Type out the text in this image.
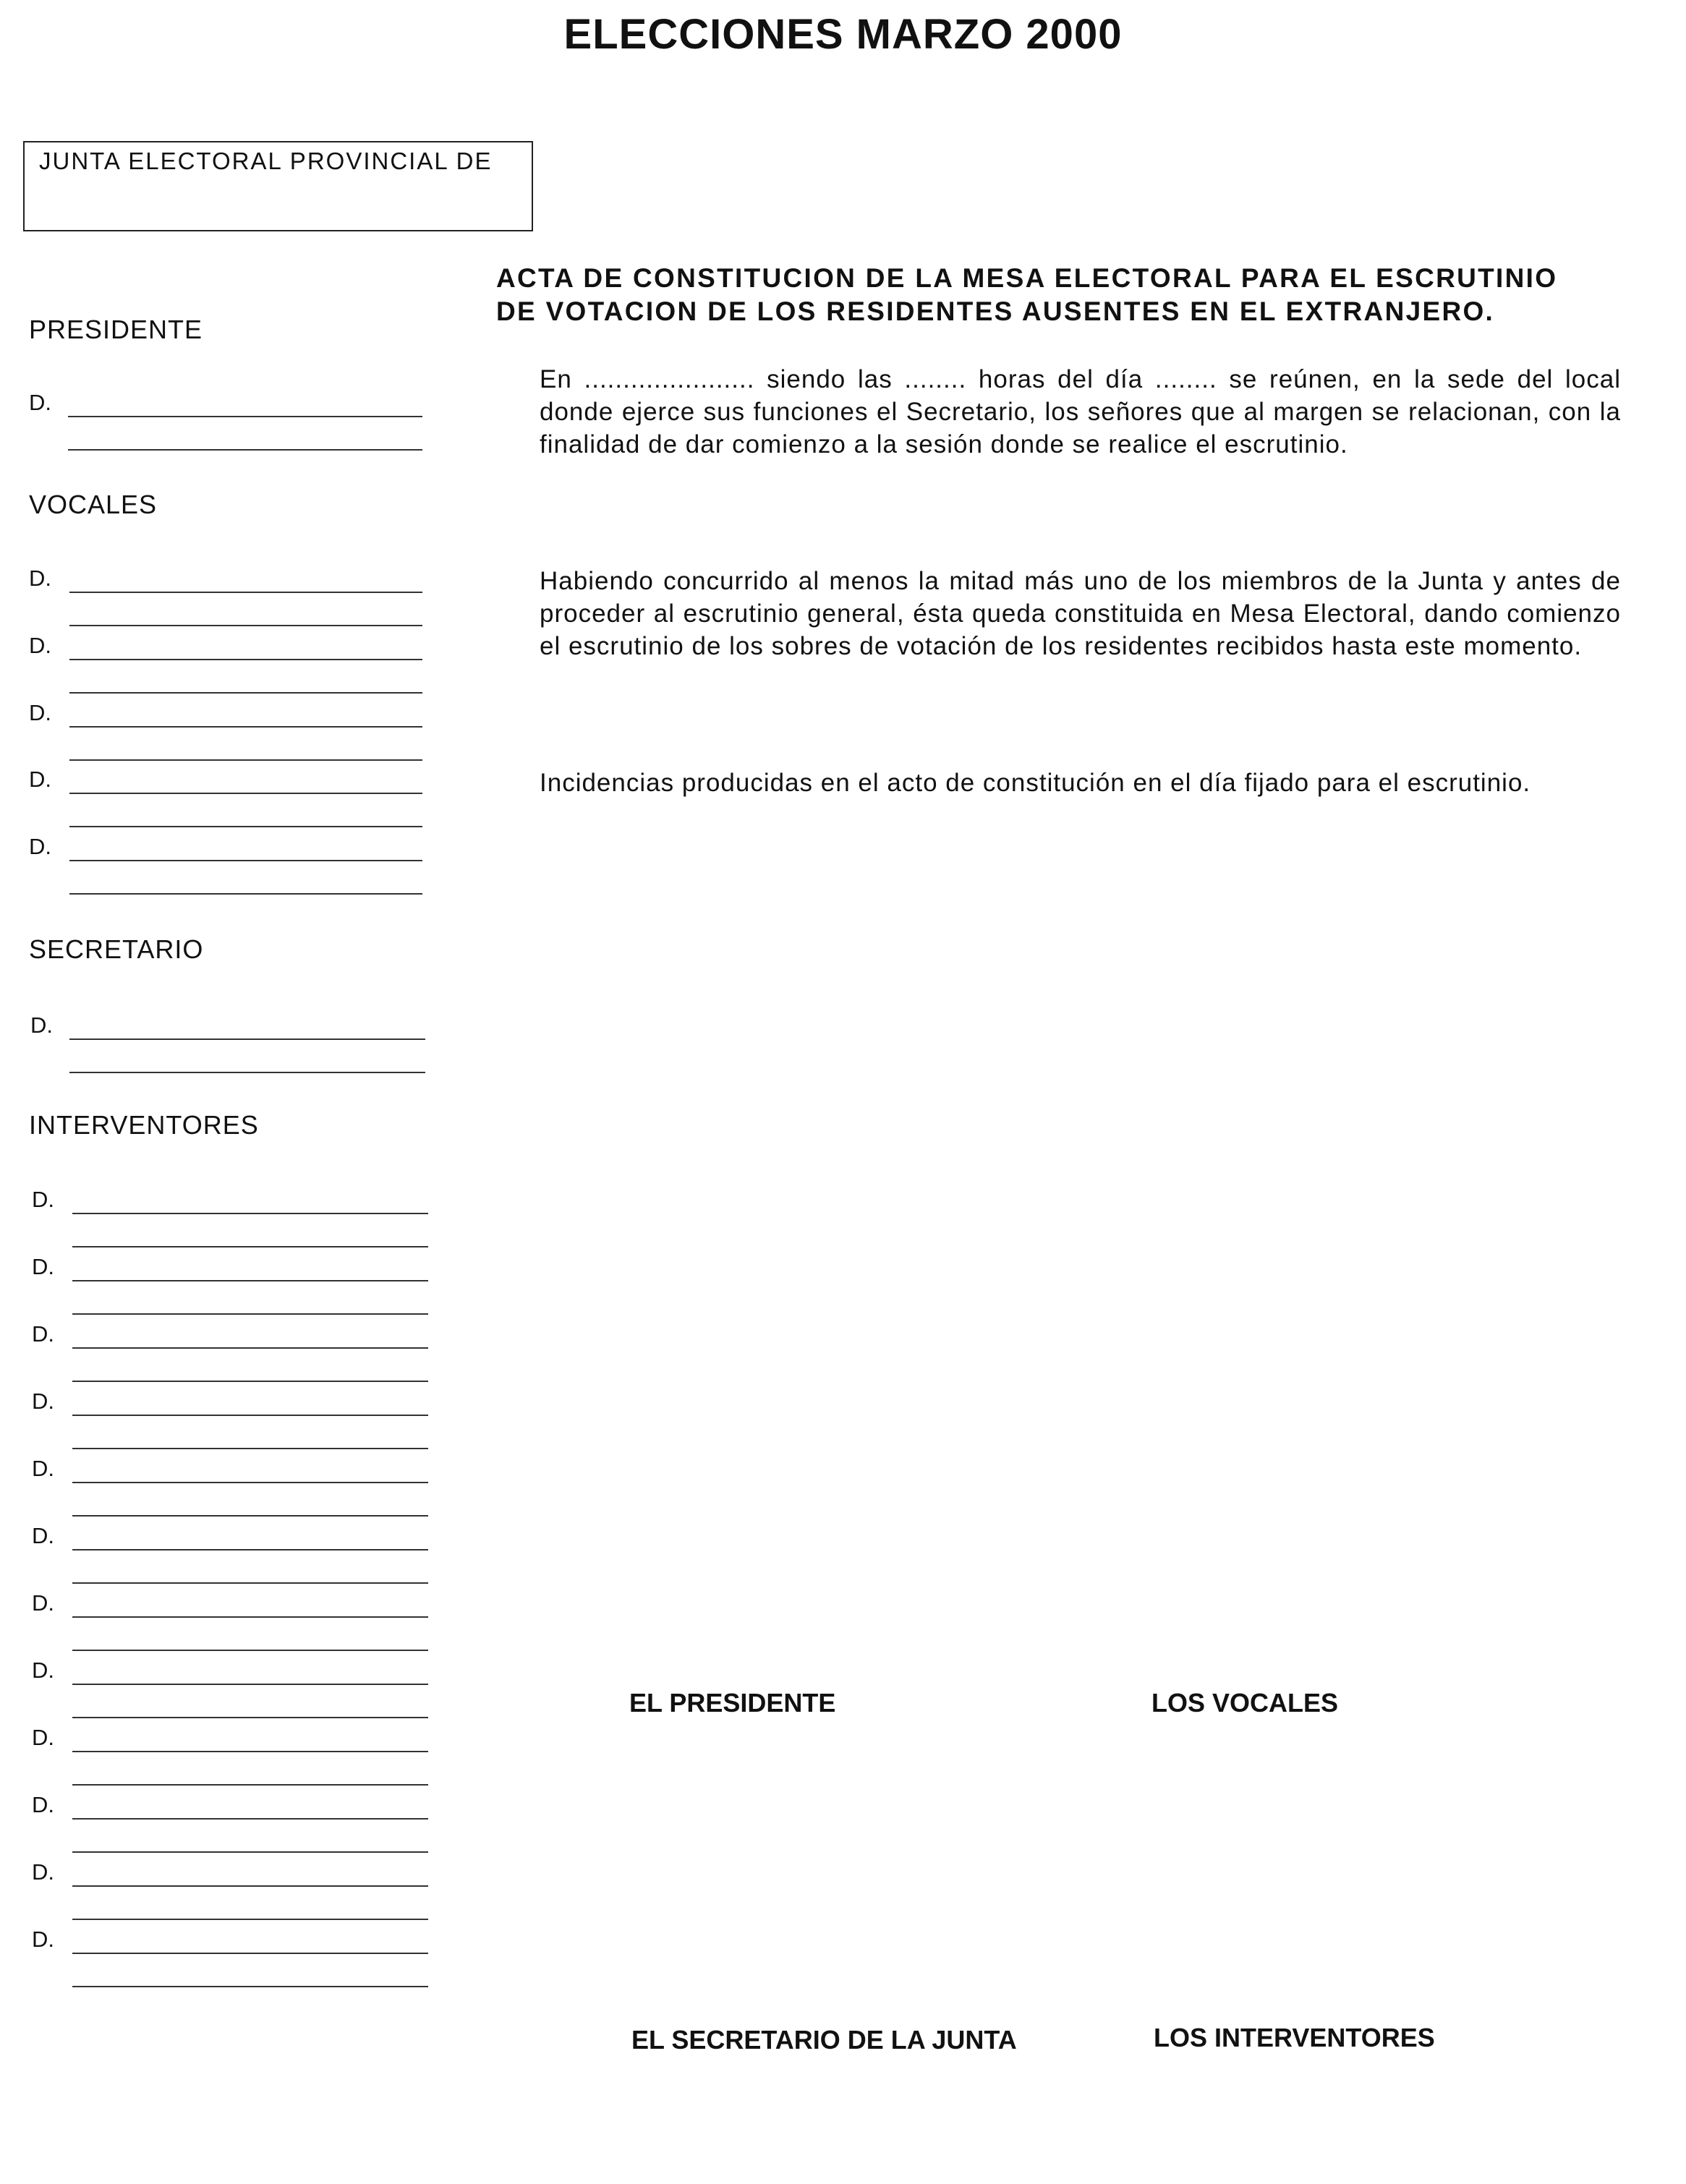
ELECCIONES MARZO 2000
JUNTA ELECTORAL PROVINCIAL DE
PRESIDENTE
VOCALES
SECRETARIO
INTERVENTORES
D.
D.
D.
D.
D.
D.
D.
D.
D.
D.
D.
D.
D.
D.
D.
D.
D.
D.
D.
ACTA DE CONSTITUCION DE LA MESA ELECTORAL PARA EL ESCRUTINIO
DE VOTACION DE LOS RESIDENTES AUSENTES EN EL EXTRANJERO.
En ...................... siendo las ........ horas del día ........ se reúnen, en la sede del local donde ejerce sus funciones el Secretario, los señores que al margen se relacionan, con la finalidad de dar comienzo a la sesión donde se realice el escrutinio.
Habiendo concurrido al menos la mitad más uno de los miembros de la Junta y antes de proceder al escrutinio general, ésta queda constituida en Mesa Electoral, dando comienzo el escrutinio de los sobres de votación de los residentes recibidos hasta este momento.
Incidencias producidas en el acto de constitución en el día fijado para el escrutinio.
EL PRESIDENTE	LOS VOCALES
EL SECRETARIO DE LA JUNTA	LOS INTERVENTORES
